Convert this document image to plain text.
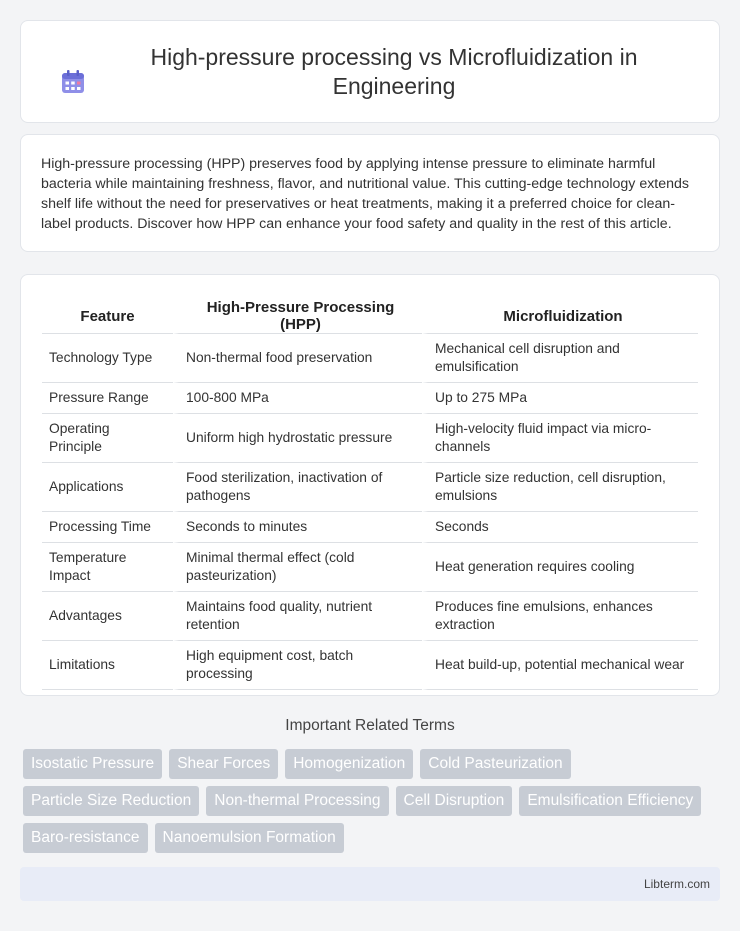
High-pressure processing vs Microfluidization in Engineering

High-pressure processing (HPP) preserves food by applying intense pressure to eliminate harmful bacteria while maintaining freshness, flavor, and nutritional value. This cutting-edge technology extends shelf life without the need for preservatives or heat treatments, making it a preferred choice for clean-label products. Discover how HPP can enhance your food safety and quality in the rest of this article.

Feature	High-Pressure Processing (HPP)	Microfluidization
Technology Type	Non-thermal food preservation	Mechanical cell disruption and emulsification
Pressure Range	100-800 MPa	Up to 275 MPa
Operating Principle	Uniform high hydrostatic pressure	High-velocity fluid impact via micro-channels
Applications	Food sterilization, inactivation of pathogens	Particle size reduction, cell disruption, emulsions
Processing Time	Seconds to minutes	Seconds
Temperature Impact	Minimal thermal effect (cold pasteurization)	Heat generation requires cooling
Advantages	Maintains food quality, nutrient retention	Produces fine emulsions, enhances extraction
Limitations	High equipment cost, batch processing	Heat build-up, potential mechanical wear
Important Related Terms
Isostatic Pressure	Shear Forces	Homogenization	Cold Pasteurization
Particle Size Reduction	Non-thermal Processing	Cell Disruption	Emulsification Efficiency
Baro-resistance	Nanoemulsion Formation
Libterm.com
